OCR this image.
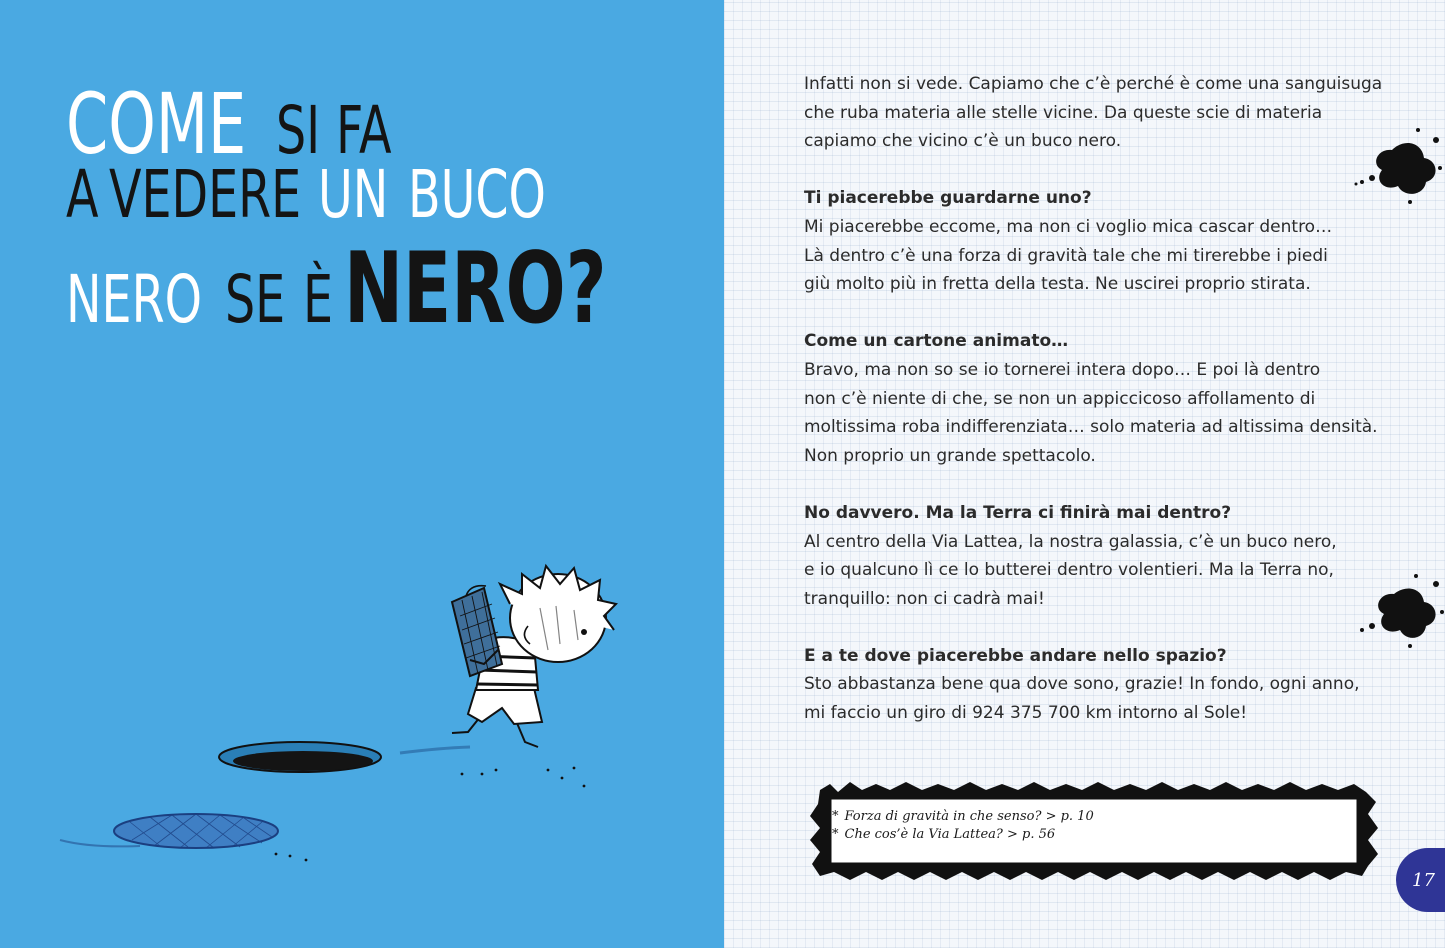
COME SI FA
A VEDERE UN BUCO
NERO SE È NERO?

Infatti non si vede. Capiamo che c’è perché è come una sanguisuga
che ruba materia alle stelle vicine. Da queste scie di materia
capiamo che vicino c’è un buco nero.

Ti piacerebbe guardarne uno?

Mi piacerebbe eccome, ma non ci voglio mica cascar dentro…
Là dentro c’è una forza di gravità tale che mi tirerebbe i piedi
giù molto più in fretta della testa. Ne uscirei proprio stirata.

Come un cartone animato…

Bravo, ma non so se io tornerei intera dopo… E poi là dentro
non c’è niente di che, se non un appiccicoso affollamento di
moltissima roba indifferenziata… solo materia ad altissima densità.
Non proprio un grande spettacolo.

No davvero. Ma la Terra ci finirà mai dentro?

Al centro della Via Lattea, la nostra galassia, c’è un buco nero,
e io qualcuno lì ce lo butterei dentro volentieri. Ma la Terra no,
tranquillo: non ci cadrà mai!

E a te dove piacerebbe andare nello spazio?

Sto abbastanza bene qua dove sono, grazie! In fondo, ogni anno,
mi faccio un giro di 924 375 700 km intorno al Sole!

* Forza di gravità in che senso? > p. 10
* Che cos’è la Via Lattea? > p. 56
17
